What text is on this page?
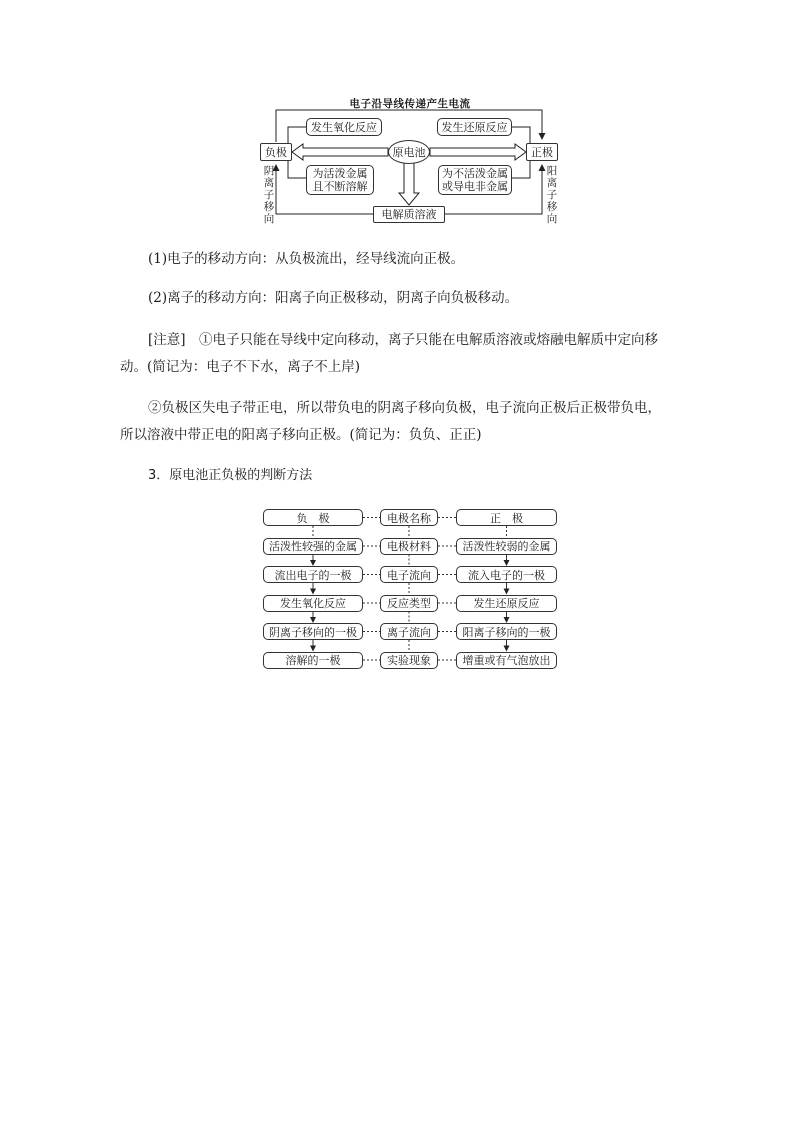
电子沿导线传递产生电流
负极	正极
原电池
发生氧化反应	发生还原反应
为活泼金属
且不断溶解
为不活泼金属
或导电非金属
电解质溶液
阴离子移向
阳离子移向
(1)电子的移动方向：从负极流出，经导线流向正极。
(2)离子的移动方向：阳离子向正极移动，阴离子向负极移动。
[注意]　①电子只能在导线中定向移动，离子只能在电解质溶液或熔融电解质中定向移
动。(简记为：电子不下水，离子不上岸)
②负极区失电子带正电，所以带负电的阴离子移向负极，电子流向正极后正极带负电，
所以溶液中带正电的阳离子移向正极。(简记为：负负、正正)
3．原电池正负极的判断方法
负　极	电极名称	正　极
活泼性较强的金属	电极材料	活泼性较弱的金属
流出电子的一极	电子流向	流入电子的一极
发生氧化反应	反应类型	发生还原反应
阴离子移向的一极	离子流向	阳离子移向的一极
溶解的一极	实验现象	增重或有气泡放出
